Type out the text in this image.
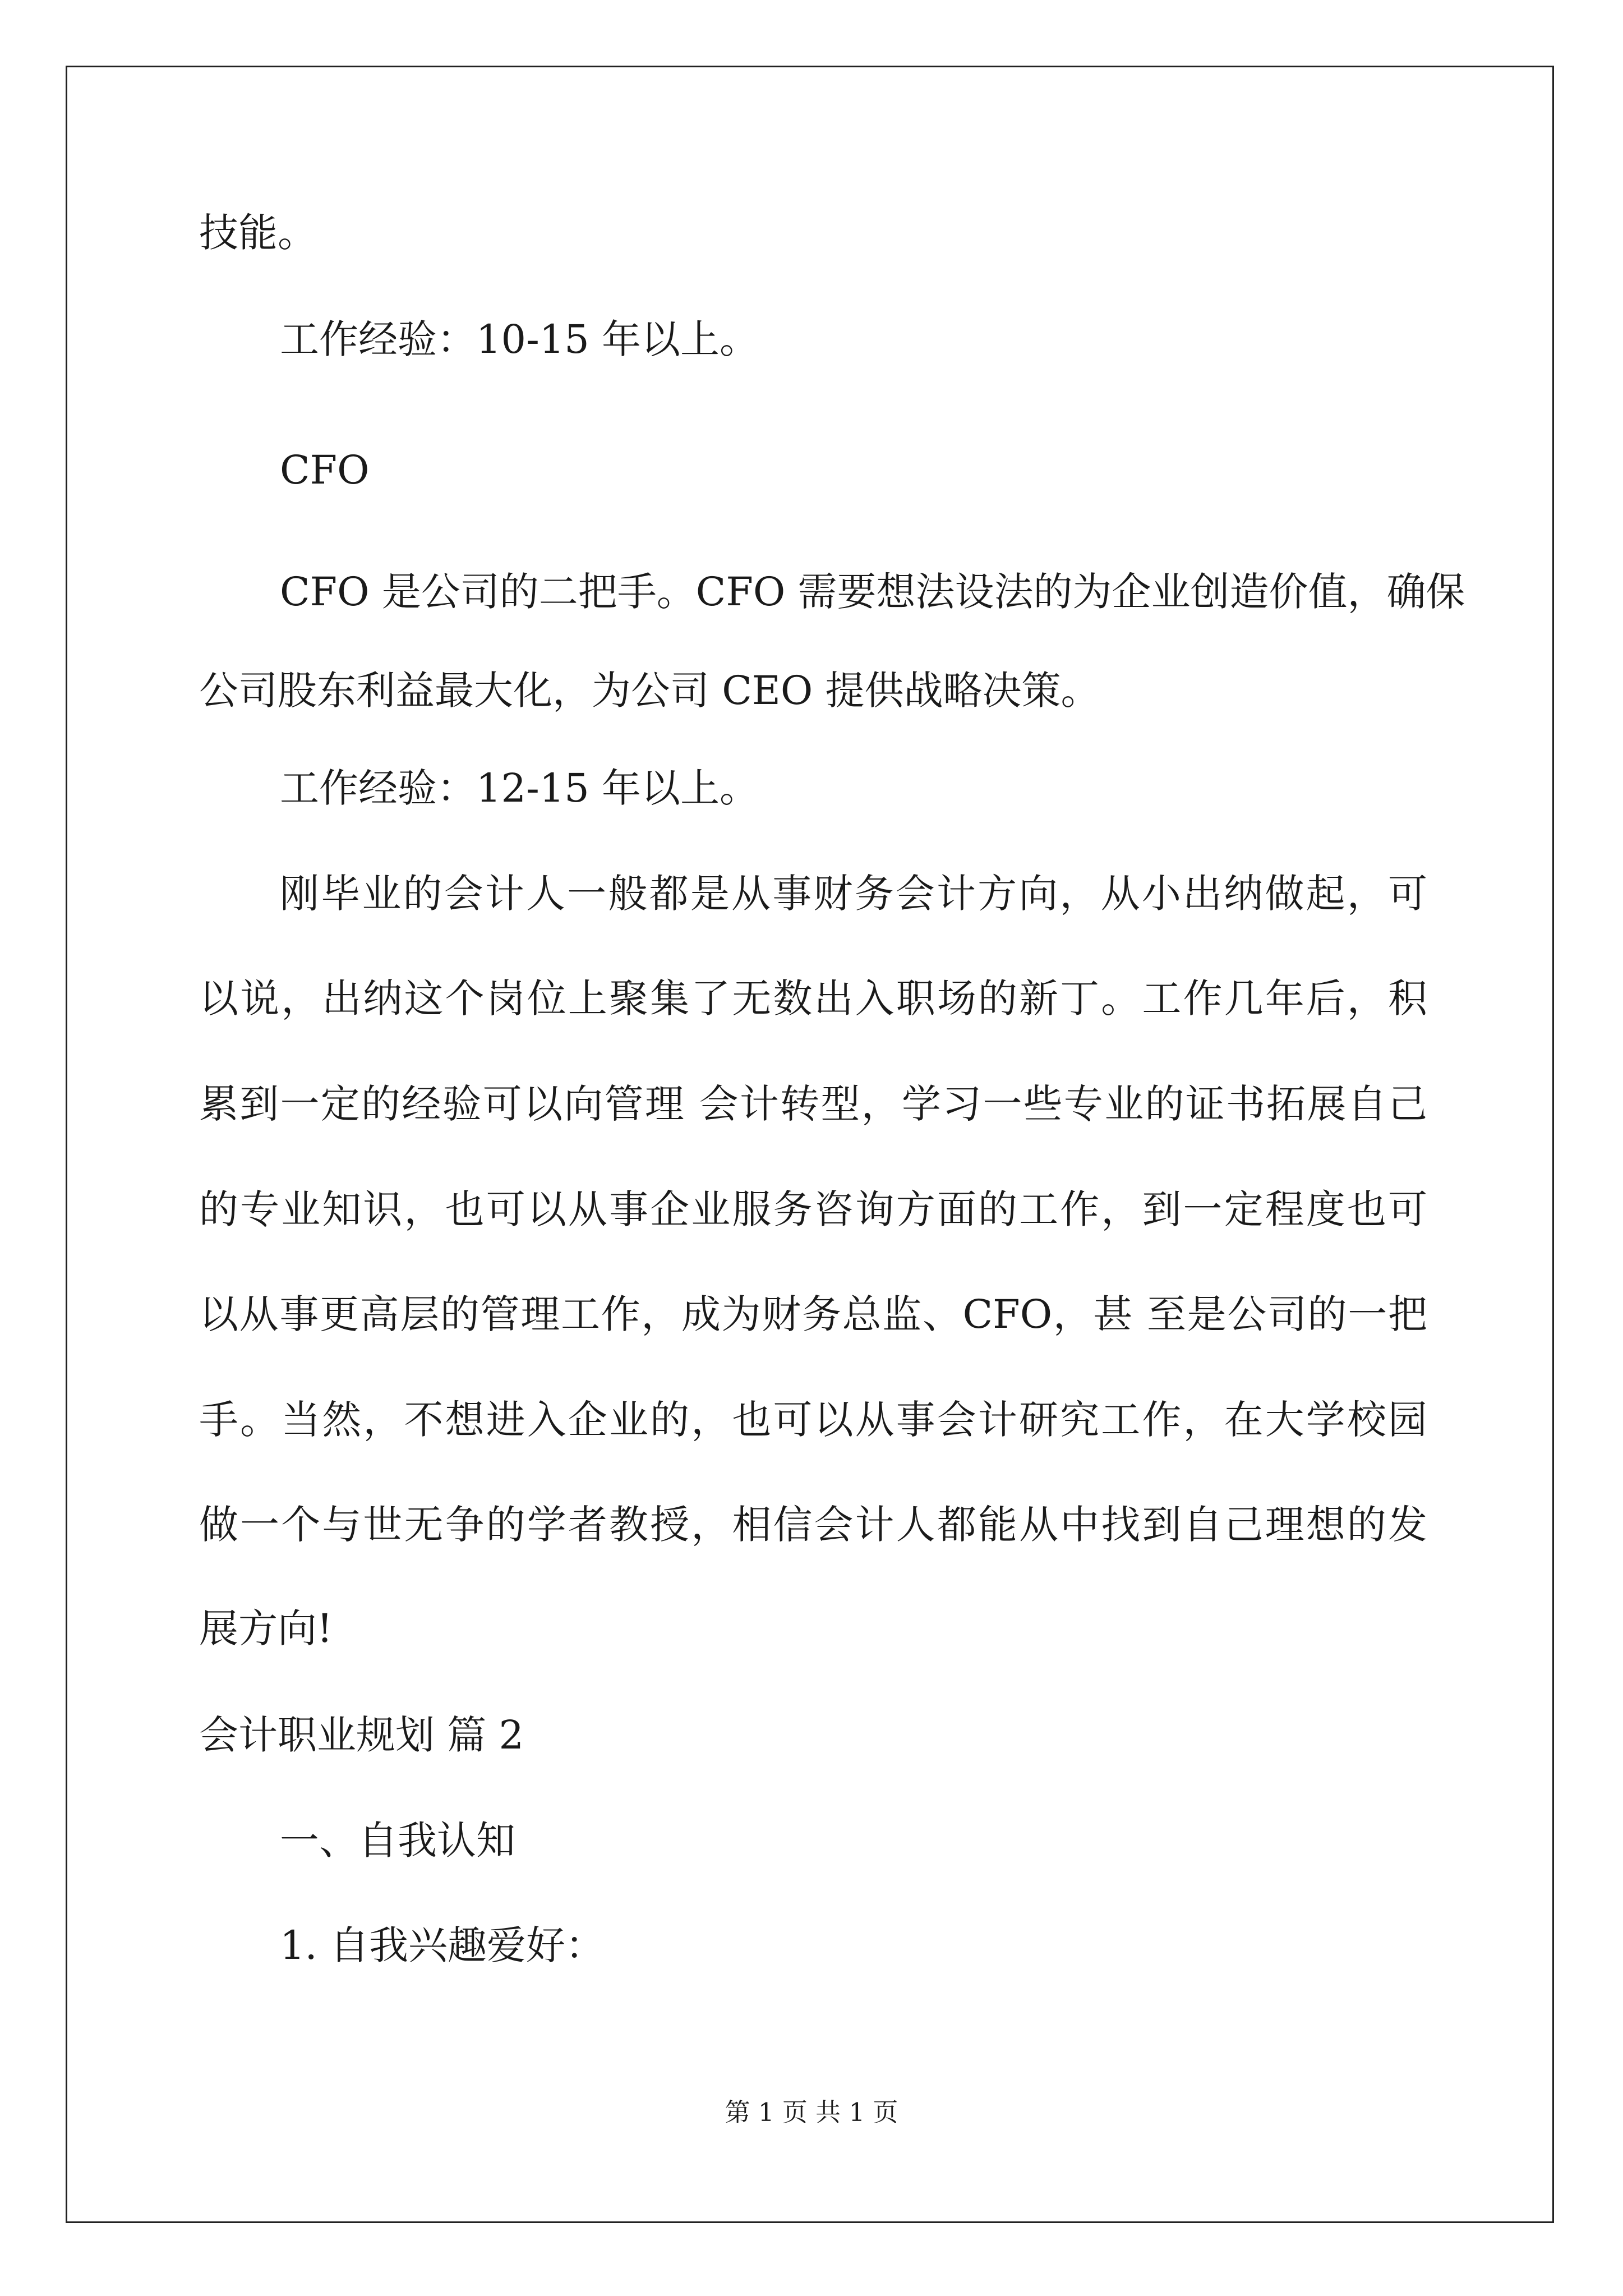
技能。
工作经验：10-15 年以上。
CFO
CFO 是公司的二把手。CFO 需要想法设法的为企业创造价值，确保
公司股东利益最大化，为公司 CEO 提供战略决策。
工作经验：12-15 年以上。
刚毕业的会计人一般都是从事财务会计方向，从小出纳做起，可
以说，出纳这个岗位上聚集了无数出入职场的新丁。工作几年后，积
累到一定的经验可以向管理 会计转型，学习一些专业的证书拓展自己
的专业知识，也可以从事企业服务咨询方面的工作，到一定程度也可
以从事更高层的管理工作，成为财务总监、CFO，甚 至是公司的一把
手。当然，不想进入企业的，也可以从事会计研究工作，在大学校园
做一个与世无争的学者教授，相信会计人都能从中找到自己理想的发
展方向!
会计职业规划 篇 2
一、自我认知
1. 自我兴趣爱好：
第 1 页 共 1 页
